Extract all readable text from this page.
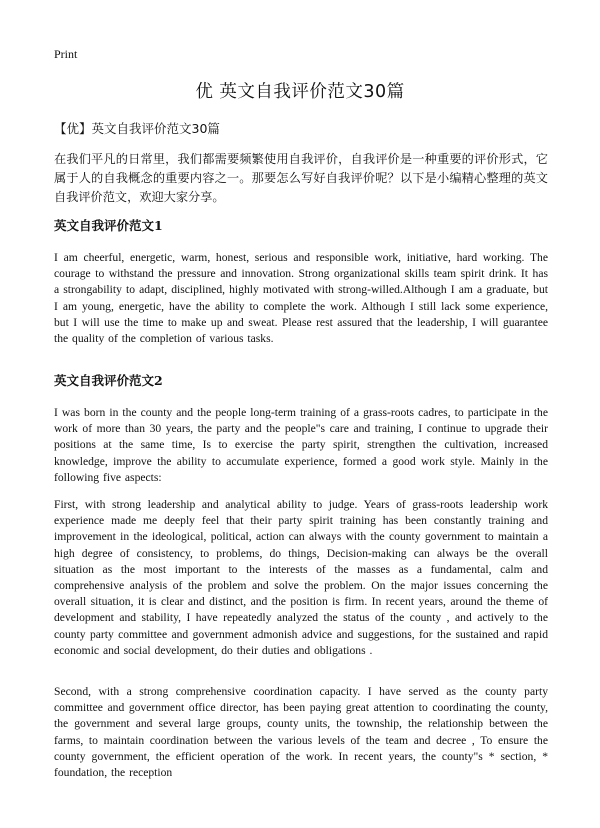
Print
优 英文自我评价范文30篇
【优】英文自我评价范文30篇

在我们平凡的日常里，我们都需要频繁使用自我评价，自我评价是一种重要的评价形式，它属于人的自我概念的重要内容之一。那要怎么写好自我评价呢？以下是小编精心整理的英文自我评价范文，欢迎大家分享。

英文自我评价范文1

I am cheerful, energetic, warm, honest, serious and responsible work, initiative, hard working. The courage to withstand the pressure and innovation. Strong organizational skills team spirit drink. It has a strongability to adapt, disciplined, highly motivated with strong-willed.Although I am a graduate, but I am young, energetic, have the ability to complete the work. Although I still lack some experience, but I will use the time to make up and sweat. Please rest assured that the leadership, I will guarantee the quality of the completion of various tasks.

英文自我评价范文2

I was born in the county and the people long-term training of a grass-roots cadres, to participate in the work of more than 30 years, the party and the people"s care and training, I continue to upgrade their positions at the same time, Is to exercise the party spirit, strengthen the cultivation, increased knowledge, improve the ability to accumulate experience, formed a good work style. Mainly in the following five aspects:

First, with strong leadership and analytical ability to judge. Years of grass-roots leadership work experience made me deeply feel that their party spirit training has been constantly training and improvement in the ideological, political, action can always with the county government to maintain a high degree of consistency, to problems, do things, Decision-making can always be the overall situation as the most important to the interests of the masses as a fundamental, calm and comprehensive analysis of the problem and solve the problem. On the major issues concerning the overall situation, it is clear and distinct, and the position is firm. In recent years, around the theme of development and stability, I have repeatedly analyzed the status of the county , and actively to the county party committee and government admonish advice and suggestions, for the sustained and rapid economic and social development, do their duties and obligations .

Second, with a strong comprehensive coordination capacity. I have served as the county party committee and government office director, has been paying great attention to coordinating the county, the government and several large groups, county units, the township, the relationship between the farms, to maintain coordination between the various levels of the team and decree , To ensure the county government, the efficient operation of the work. In recent years, the county"s * section, * foundation, the reception
